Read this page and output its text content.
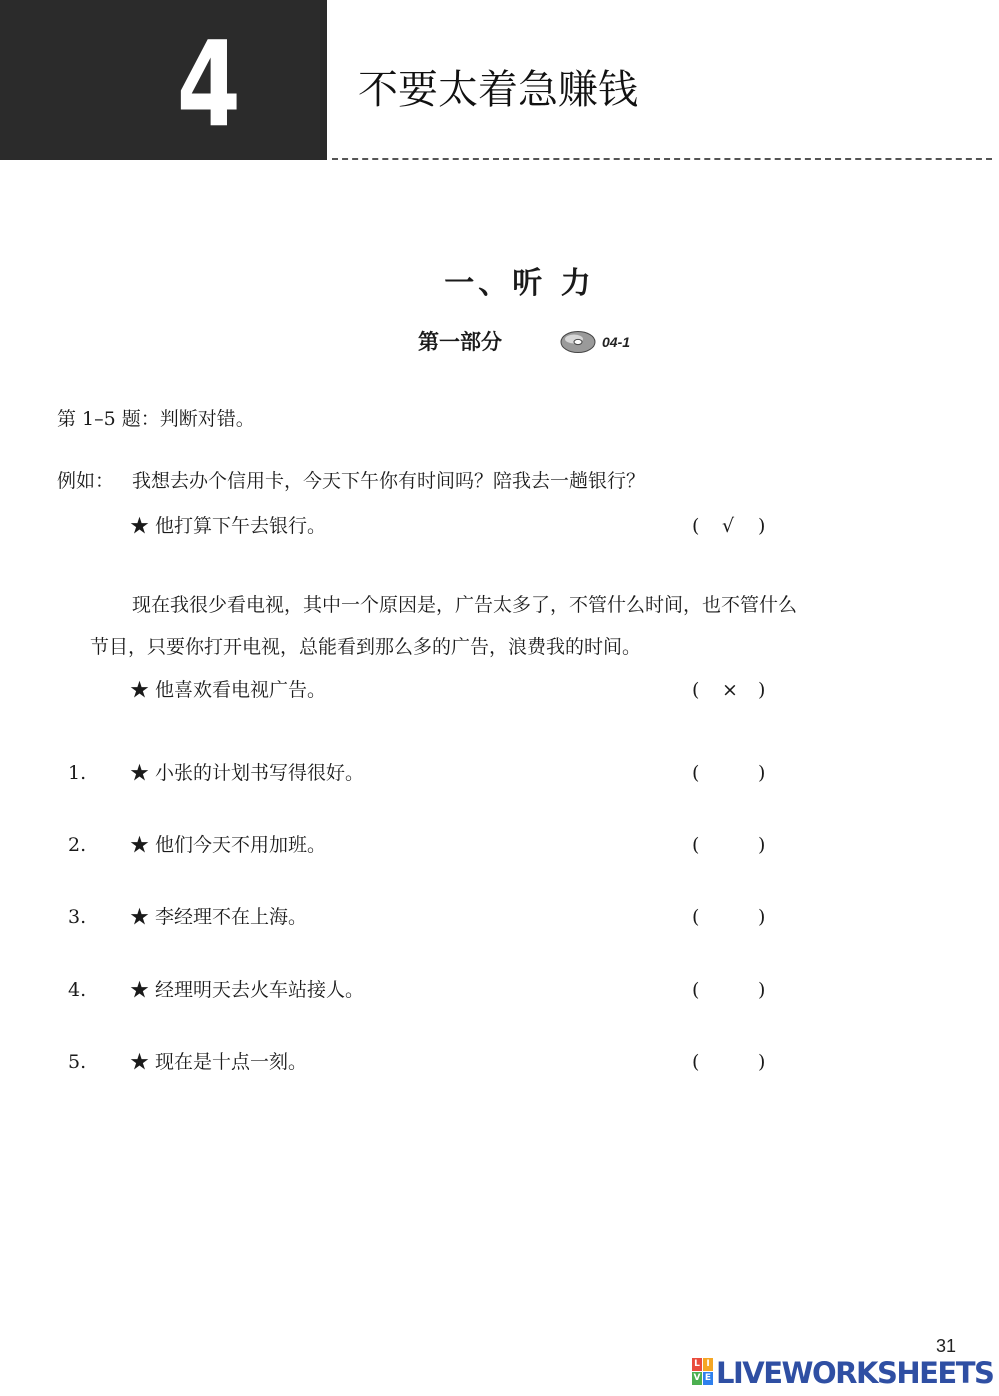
4	不要太着急赚钱
一、听 力
第一部分	04-1
第 1–5 题：判断对错。
例如： 我想去办个信用卡，今天下午你有时间吗？陪我去一趟银行？
★ 他打算下午去银行。	( √ )
现在我很少看电视，其中一个原因是，广告太多了，不管什么时间，也不管什么
节目，只要你打开电视，总能看到那么多的广告，浪费我的时间。
★ 他喜欢看电视广告。	( × )
1. ★ 小张的计划书写得很好。	(	)
2. ★ 他们今天不用加班。	(	)
3. ★ 李经理不在上海。	(	)
4. ★ 经理明天去火车站接人。	(	)
5. ★ 现在是十点一刻。	(	)
31
L I
V E LIVEWORKSHEETS
